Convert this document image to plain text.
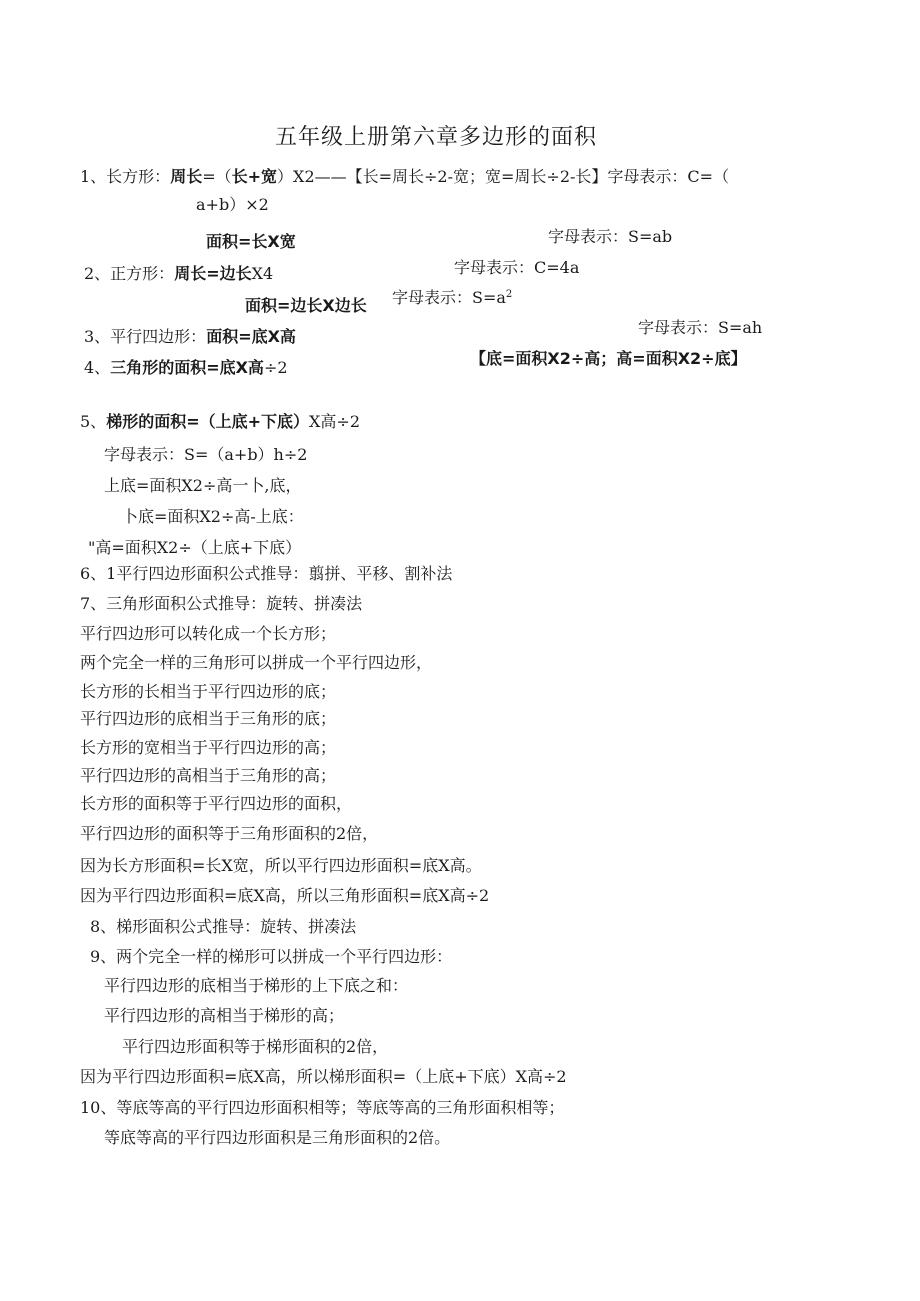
五年级上册第六章多边形的面积
1、长方形：周长=（长+宽）X2——【长=周长÷2-宽；宽=周长÷2-长】字母表示：C=（
a+b）×2
面积=长X宽	字母表示：S=ab
2、正方形：周长=边长X4	字母表示：C=4a
面积=边长X边长 字母表示：$S=a^2$
3、平行四边形：面积=底X高	字母表示：S=ah
4、三角形的面积=底X高÷2	【底=面积X2÷高；高=面积X2÷底】
5、梯形的面积=（上底+下底）X高÷2
字母表示：S=（a+b）h÷2
上底=面积X2÷高一卜,底，
卜底=面积X2÷高-上底：
"高=面积X2÷（上底+下底）
6、1平行四边形面积公式推导：翦拼、平移、割补法
7、三角形面积公式推导：旋转、拼凑法
平行四边形可以转化成一个长方形；
两个完全一样的三角形可以拼成一个平行四边形，
长方形的长相当于平行四边形的底；
平行四边形的底相当于三角形的底；
长方形的宽相当于平行四边形的高；
平行四边形的高相当于三角形的高；
长方形的面积等于平行四边形的面积，
平行四边形的面积等于三角形面积的2倍，
因为长方形面积=长X宽，所以平行四边形面积=底X高。
因为平行四边形面积=底X高，所以三角形面积=底X高÷2
8、梯形面积公式推导：旋转、拼凑法
9、两个完全一样的梯形可以拼成一个平行四边形：
平行四边形的底相当于梯形的上下底之和：
平行四边形的高相当于梯形的高；
平行四边形面积等于梯形面积的2倍，
因为平行四边形面积=底X高，所以梯形面积=（上底+下底）X高÷2
10、等底等高的平行四边形面积相等；等底等高的三角形面积相等；
等底等高的平行四边形面积是三角形面积的2倍。
